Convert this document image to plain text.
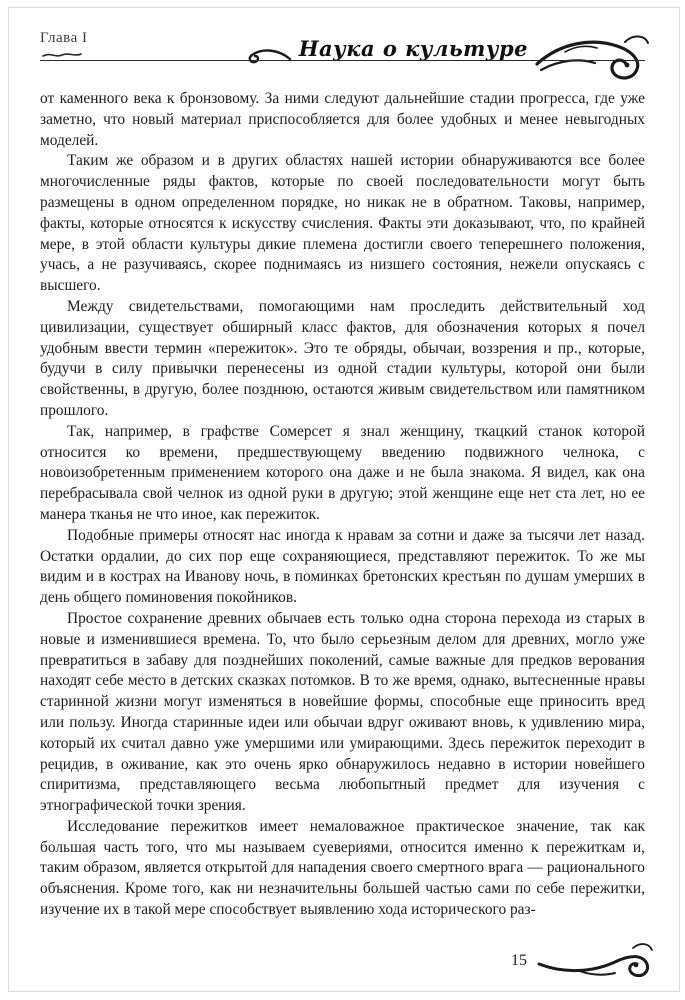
Глава I	Наука о культуре

от каменного века к бронзовому. За ними следуют дальнейшие стадии прогресса, где уже заметно, что новый материал приспособляется для более удобных и менее невыгодных моделей.

Таким же образом и в других областях нашей истории обнаруживаются все более многочисленные ряды фактов, которые по своей последовательности могут быть размещены в одном определенном порядке, но никак не в обратном. Таковы, например, факты, которые относятся к искусству счисления. Факты эти доказывают, что, по крайней мере, в этой области культуры дикие племена достигли своего теперешнего положения, учась, а не разучиваясь, скорее поднимаясь из низшего состояния, нежели опускаясь с высшего.

Между свидетельствами, помогающими нам проследить действительный ход цивилизации, существует обширный класс фактов, для обозначения которых я почел удобным ввести термин «пережиток». Это те обряды, обычаи, воззрения и пр., которые, будучи в силу привычки перенесены из одной стадии культуры, которой они были свойственны, в другую, более позднюю, остаются живым свидетельством или памятником прошлого.

Так, например, в графстве Сомерсет я знал женщину, ткацкий станок которой относится ко времени, предшествующему введению подвижного челнока, с новоизобретенным применением которого она даже и не была знакома. Я видел, как она перебрасывала свой челнок из одной руки в другую; этой женщине еще нет ста лет, но ее манера тканья не что иное, как пережиток.

Подобные примеры относят нас иногда к нравам за сотни и даже за тысячи лет назад. Остатки ордалии, до сих пор еще сохраняющиеся, представляют пережиток. То же мы видим и в кострах на Иванову ночь, в поминках бретонских крестьян по душам умерших в день общего поминовения покойников.

Простое сохранение древних обычаев есть только одна сторона перехода из старых в новые и изменившиеся времена. То, что было серьезным делом для древних, могло уже превратиться в забаву для позднейших поколений, самые важные для предков верования находят себе место в детских сказках потомков. В то же время, однако, вытесненные нравы старинной жизни могут изменяться в новейшие формы, способные еще приносить вред или пользу. Иногда старинные идеи или обычаи вдруг оживают вновь, к удивлению мира, который их считал давно уже умершими или умирающими. Здесь пережиток переходит в рецидив, в оживание, как это очень ярко обнаружилось недавно в истории новейшего спиритизма, представляющего весьма любопытный предмет для изучения с этнографической точки зрения.

Исследование пережитков имеет немаловажное практическое значение, так как большая часть того, что мы называем суевериями, относится именно к пережиткам и, таким образом, является открытой для нападения своего смертного врага — рационального объяснения. Кроме того, как ни незначительны большей частью сами по себе пережитки, изучение их в такой мере способствует выявлению хода исторического раз-

15
